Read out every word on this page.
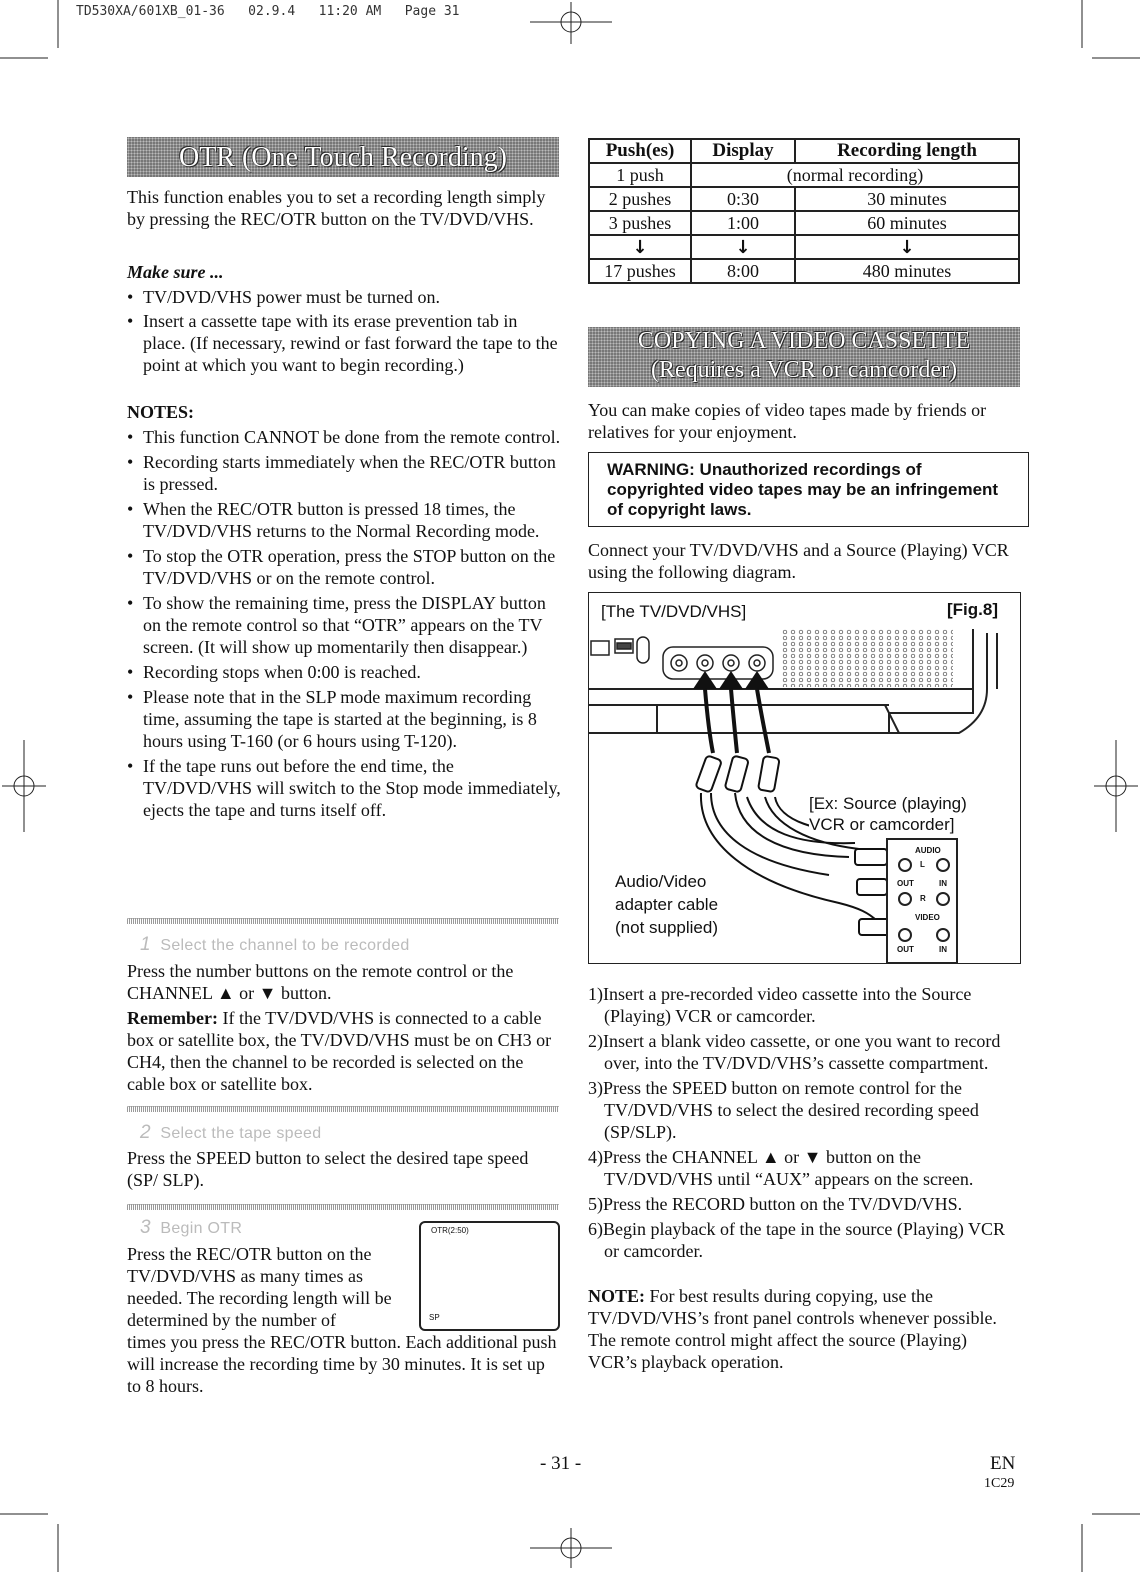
TD530XA/601XB_01-36   02.9.4   11:20 AM   Page 31
OTR (One Touch Recording)
This function enables you to set a recording length simply by pressing the REC/OTR button on the TV/DVD/VHS.
Make sure ...
• TV/DVD/VHS power must be turned on.
• Insert a cassette tape with its erase prevention tab in place. (If necessary, rewind or fast forward the tape to the point at which you want to begin recording.)
NOTES:
• This function CANNOT be done from the remote control.
• Recording starts immediately when the REC/OTR button is pressed.
• When the REC/OTR button is pressed 18 times, the TV/DVD/VHS returns to the Normal Recording mode.
• To stop the OTR operation, press the STOP button on the TV/DVD/VHS or on the remote control.
• To show the remaining time, press the DISPLAY button on the remote control so that “OTR” appears on the TV screen. (It will show up momentarily then disappear.)
• Recording stops when 0:00 is reached.
• Please note that in the SLP mode maximum recording time, assuming the tape is started at the beginning, is 8 hours using T-160 (or 6 hours using T-120).
• If the tape runs out before the end time, the TV/DVD/VHS will switch to the Stop mode immediately, ejects the tape and turns itself off.
1 Select the channel to be recorded
Press the number buttons on the remote control or the CHANNEL ▲ or ▼ button.
Remember: If the TV/DVD/VHS is connected to a cable box or satellite box, the TV/DVD/VHS must be on CH3 or CH4, then the channel to be recorded is selected on the cable box or satellite box.
2 Select the tape speed
Press the SPEED button to select the desired tape speed (SP/ SLP).
3 Begin OTR
Press the REC/OTR button on the TV/DVD/VHS as many times as needed. The recording length will be determined by the number of
times you press the REC/OTR button. Each additional push will increase the recording time by 30 minutes. It is set up to 8 hours.
OTR(2:50)
SP
Push(es)	Display	Recording length
1 push	(normal recording)	
2 pushes	0:30	30 minutes
3 pushes	1:00	60 minutes
↓	↓	↓
17 pushes	8:00	480 minutes
COPYING A VIDEO CASSETTE
(Requires a VCR or camcorder)
You can make copies of video tapes made by friends or relatives for your enjoyment.
WARNING: Unauthorized recordings of copyrighted video tapes may be an infringement of copyright laws.
Connect your TV/DVD/VHS and a Source (Playing) VCR using the following diagram.
[The TV/DVD/VHS]	[Fig.8]
[Ex: Source (playing)
VCR or camcorder]
Audio/Video
adapter cable
(not supplied)
AUDIO
L
OUT	IN
R
VIDEO
OUT	IN
1)Insert a pre-recorded video cassette into the Source (Playing) VCR or camcorder.
2)Insert a blank video cassette, or one you want to record over, into the TV/DVD/VHS’s cassette compartment.
3)Press the SPEED button on remote control for the TV/DVD/VHS to select the desired recording speed (SP/SLP).
4)Press the CHANNEL ▲ or ▼ button on the TV/DVD/VHS until “AUX” appears on the screen.
5)Press the RECORD button on the TV/DVD/VHS.
6)Begin playback of the tape in the source (Playing) VCR or camcorder.
NOTE: For best results during copying, use the TV/DVD/VHS’s front panel controls whenever possible. The remote control might affect the source (Playing) VCR’s playback operation.
- 31 -	EN
1C29
